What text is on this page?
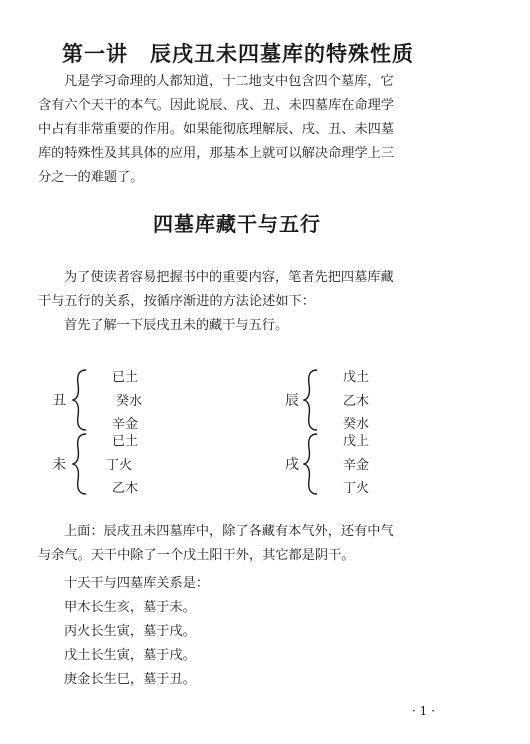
第一讲　辰戌丑未四墓库的特殊性质

凡是学习命理的人都知道，十二地支中包含四个墓库，它

含有六个天干的本气。因此说辰、戌、丑、未四墓库在命理学

中占有非常重要的作用。如果能彻底理解辰、戌、丑、未四墓

库的特殊性及其具体的应用，那基本上就可以解决命理学上三

分之一的难题了。

四墓库藏干与五行

为了使读者容易把握书中的重要内容，笔者先把四墓库藏

干与五行的关系，按循序渐进的方法论述如下：

首先了解一下辰戌丑未的藏干与五行。

丑
已土
癸水
辛金
辰
戊土
乙木
癸水
未
已土
丁火
乙木
戌
戊上
辛金
丁火

上面：辰戌丑未四墓库中，除了各藏有本气外，还有中气

与余气。天干中除了一个戊土阳干外，其它都是阴干。

十天干与四墓库关系是：

甲木长生亥，墓于未。

丙火长生寅，墓于戌。

戊土长生寅，墓于戌。

庚金长生巳，墓于丑。

· 1 ·
